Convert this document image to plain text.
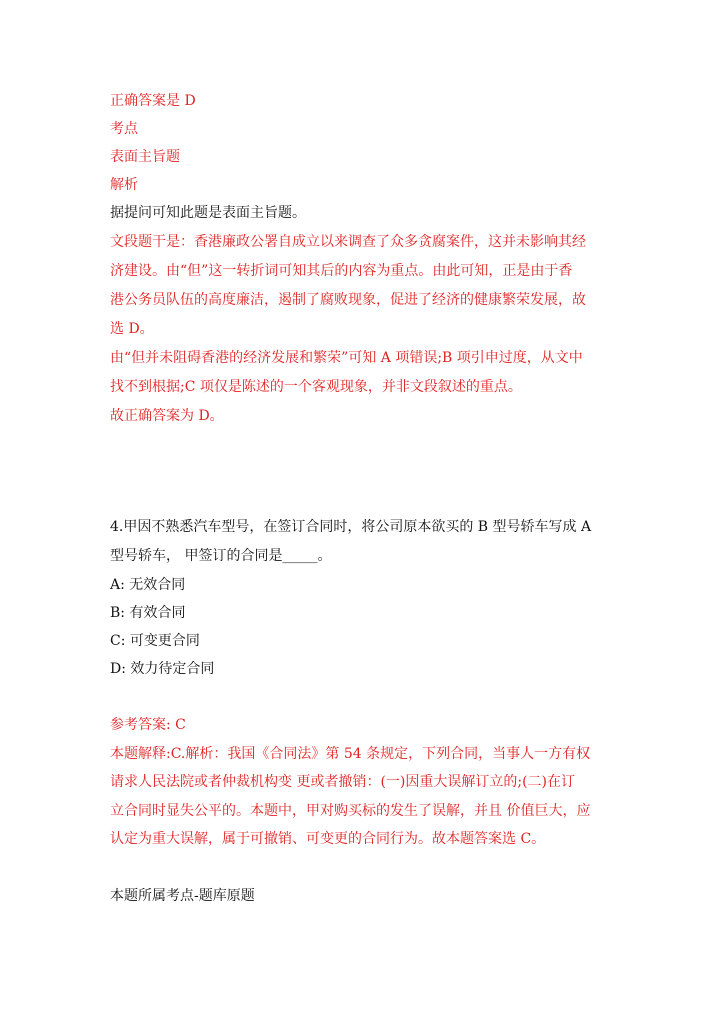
正确答案是 D
考点
表面主旨题
解析
据提问可知此题是表面主旨题。
文段题干是：香港廉政公署自成立以来调查了众多贪腐案件，这并未影响其经
济建设。由“但”这一转折词可知其后的内容为重点。由此可知，正是由于香
港公务员队伍的高度廉洁，遏制了腐败现象，促进了经济的健康繁荣发展，故
选 D。
由“但并未阻碍香港的经济发展和繁荣”可知 A 项错误;B 项引申过度，从文中
找不到根据;C 项仅是陈述的一个客观现象，并非文段叙述的重点。
故正确答案为 D。
4.甲因不熟悉汽车型号，在签订合同时，将公司原本欲买的 B 型号轿车写成 A
型号轿车， 甲签订的合同是_____。
A: 无效合同
B: 有效合同
C: 可变更合同
D: 效力待定合同
参考答案: C
本题解释:C.解析：我国《合同法》第 54 条规定，下列合同，当事人一方有权
请求人民法院或者仲裁机构变 更或者撤销：(一)因重大误解订立的;(二)在订
立合同时显失公平的。本题中，甲对购买标的发生了误解，并且 价值巨大，应
认定为重大误解，属于可撤销、可变更的合同行为。故本题答案选 C。
本题所属考点-题库原题
